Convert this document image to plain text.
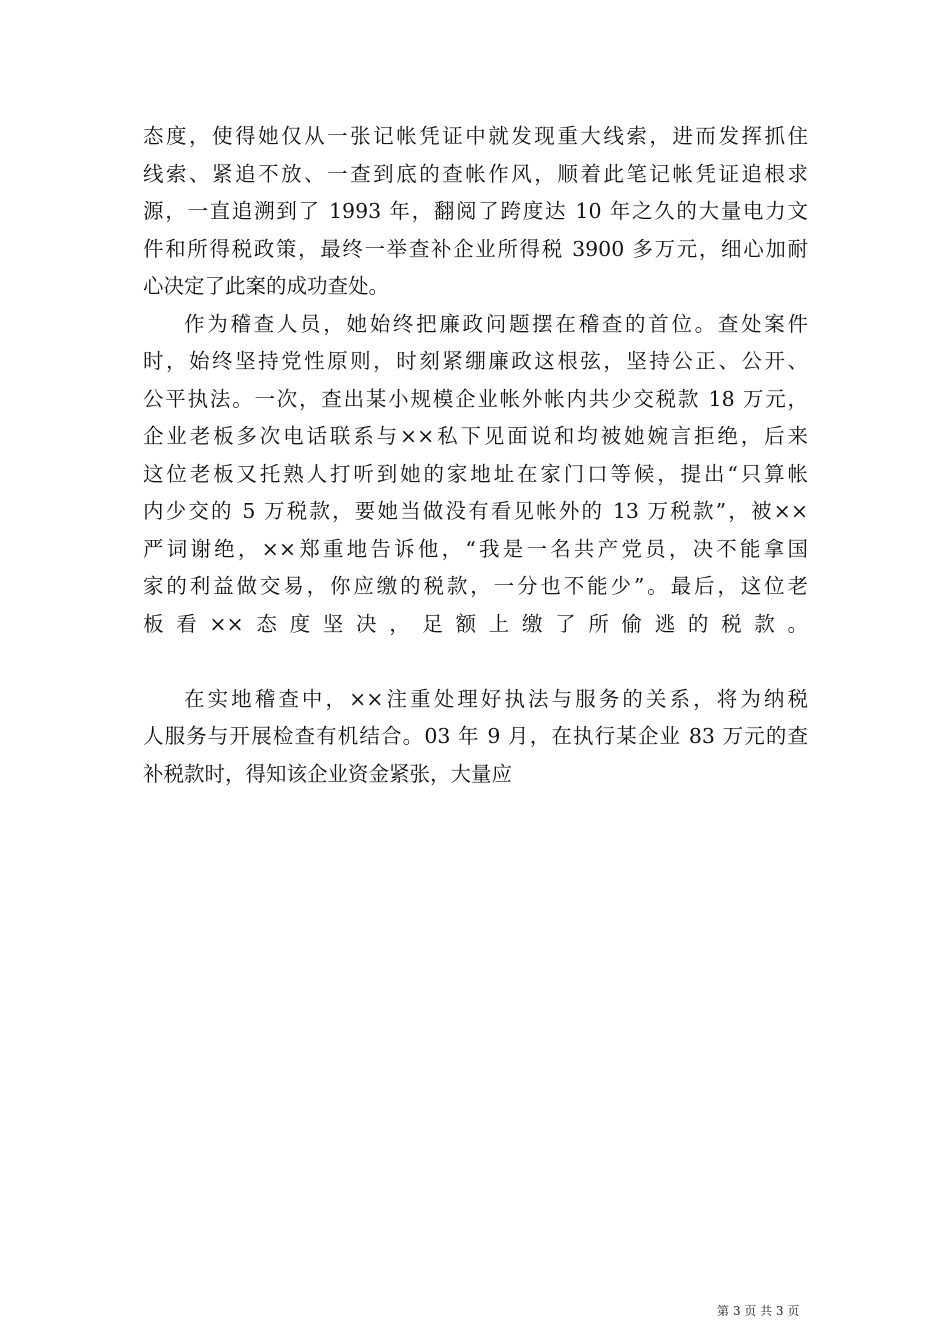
态度，使得她仅从一张记帐凭证中就发现重大线索，进而发挥抓住
线索、紧追不放、一查到底的查帐作风，顺着此笔记帐凭证追根求
源，一直追溯到了 1993 年，翻阅了跨度达 10 年之久的大量电力文
件和所得税政策，最终一举查补企业所得税 3900 多万元，细心加耐
心决定了此案的成功查处。
作为稽查人员，她始终把廉政问题摆在稽查的首位。查处案件
时，始终坚持党性原则，时刻紧绷廉政这根弦，坚持公正、公开、
公平执法。一次，查出某小规模企业帐外帐内共少交税款 18 万元，
企业老板多次电话联系与××私下见面说和均被她婉言拒绝，后来
这位老板又托熟人打听到她的家地址在家门口等候，提出“只算帐
内少交的 5 万税款，要她当做没有看见帐外的 13 万税款”，被××
严词谢绝，××郑重地告诉他，“我是一名共产党员，决不能拿国
家的利益做交易，你应缴的税款，一分也不能少”。最后，这位老
板看××态度坚决，足额上缴了所偷逃的税款。
在实地稽查中，××注重处理好执法与服务的关系，将为纳税
人服务与开展检查有机结合。03 年 9 月，在执行某企业 83 万元的查
补税款时，得知该企业资金紧张，大量应
第 3 页 共 3 页
